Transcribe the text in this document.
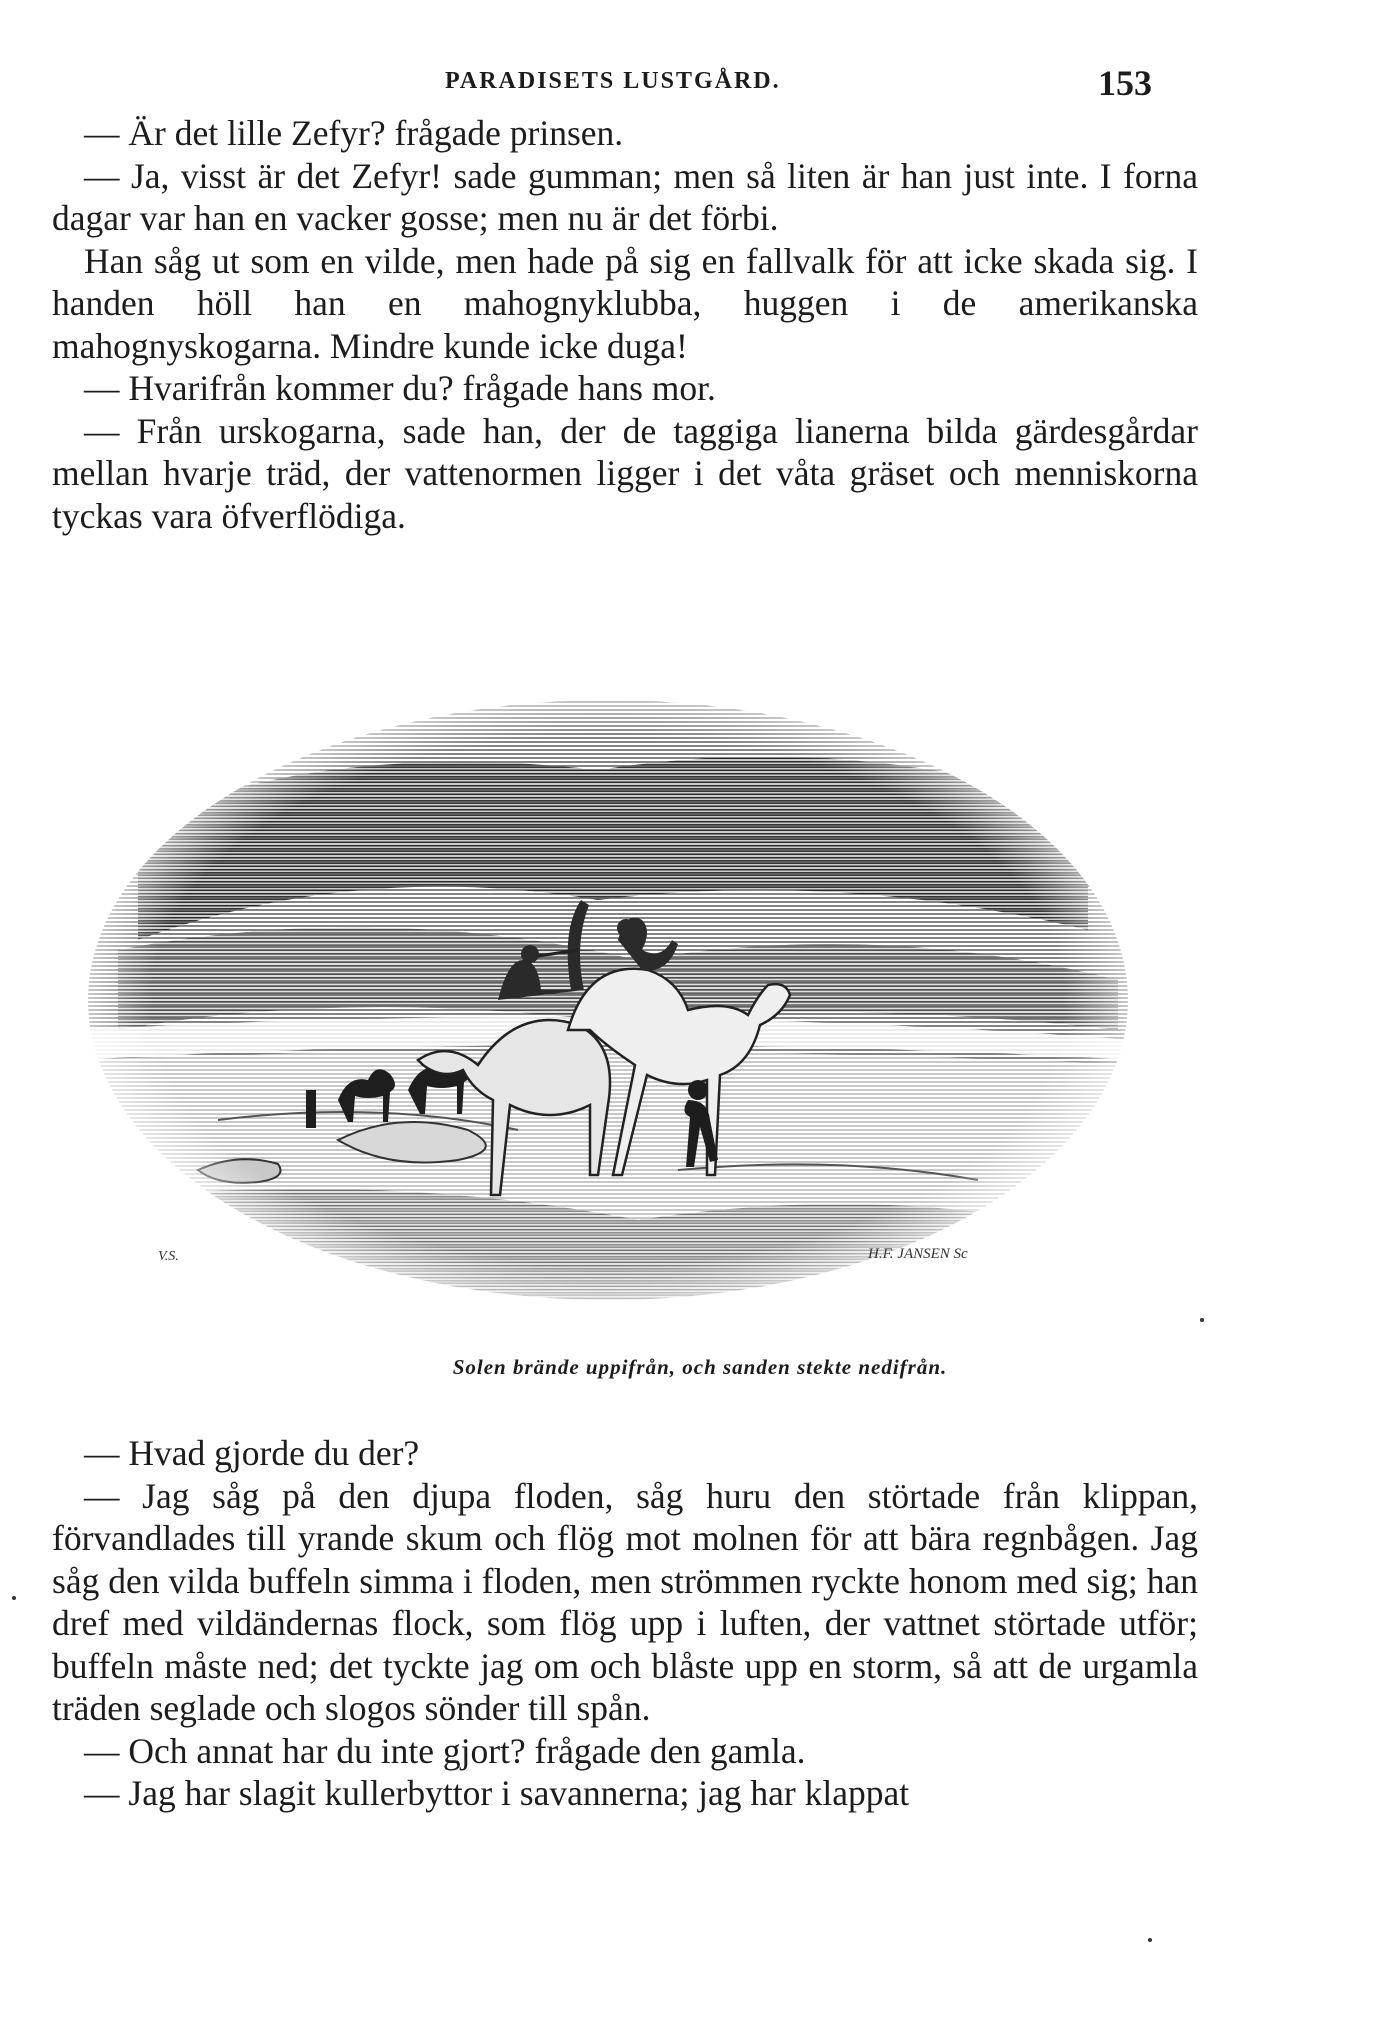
PARADISETS LUSTGÅRD.	153

— Är det lille Zefyr? frågade prinsen.

— Ja, visst är det Zefyr! sade gumman; men så liten är han just inte. I forna dagar var han en vacker gosse; men nu är det förbi.

Han såg ut som en vilde, men hade på sig en fallvalk för att icke skada sig. I handen höll han en mahognyklubba, huggen i de amerikanska mahognyskogarna. Mindre kunde icke duga!

— Hvarifrån kommer du? frågade hans mor.

— Från urskogarna, sade han, der de taggiga lianerna bilda gärdesgårdar mellan hvarje träd, der vattenormen ligger i det våta gräset och menniskorna tyckas vara öfverflödiga.

V.S.	H.F. JANSEN Sc
Solen brände uppifrån, och sanden stekte nedifrån.

— Hvad gjorde du der?

— Jag såg på den djupa floden, såg huru den störtade från klippan, förvandlades till yrande skum och flög mot molnen för att bära regnbågen. Jag såg den vilda buffeln simma i floden, men strömmen ryckte honom med sig; han dref med vildändernas flock, som flög upp i luften, der vattnet störtade utför; buffeln måste ned; det tyckte jag om och blåste upp en storm, så att de urgamla träden seglade och slogos sönder till spån.

— Och annat har du inte gjort? frågade den gamla.

— Jag har slagit kullerbyttor i savannerna; jag har klappat
